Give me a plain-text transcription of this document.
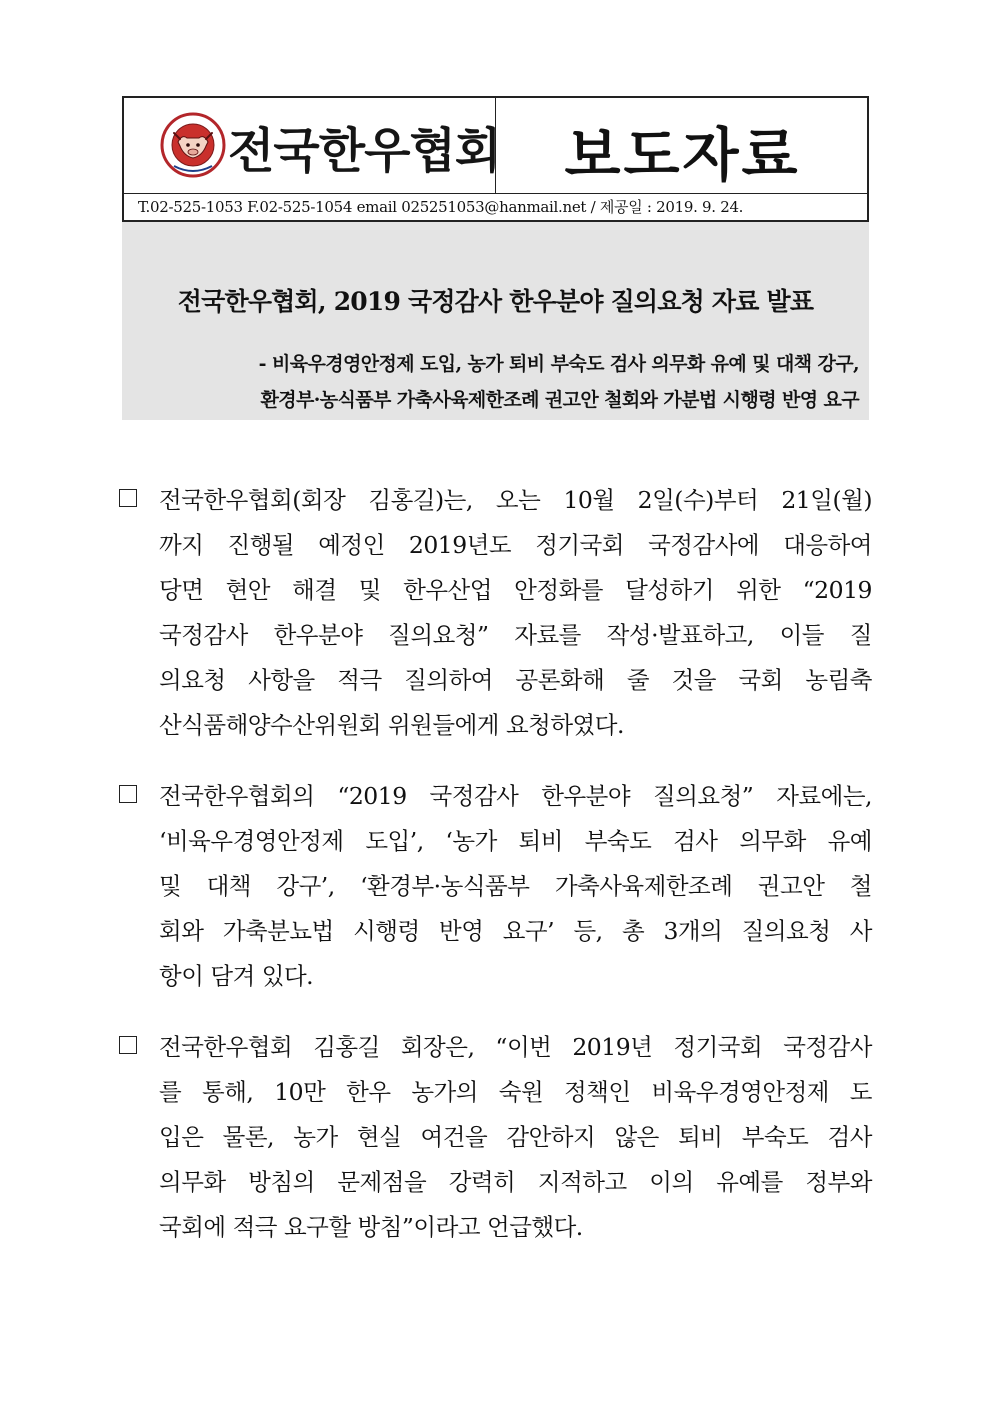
전국한우협회	보도자료
T.02-525-1053 F.02-525-1054 email 025251053@hanmail.net / 제공일 : 2019. 9. 24.
전국한우협회, 2019 국정감사 한우분야 질의요청 자료 발표
- 비육우경영안정제 도입, 농가 퇴비 부숙도 검사 의무화 유예 및 대책 강구,
환경부·농식품부 가축사육제한조례 권고안 철회와 가분법 시행령 반영 요구
전국한우협회(회장 김홍길)는, 오는 10월 2일(수)부터 21일(월)
까지 진행될 예정인 2019년도 정기국회 국정감사에 대응하여
당면 현안 해결 및 한우산업 안정화를 달성하기 위한 “2019
국정감사 한우분야 질의요청” 자료를 작성·발표하고, 이들 질
의요청 사항을 적극 질의하여 공론화해 줄 것을 국회 농림축
산식품해양수산위원회 위원들에게 요청하였다.
전국한우협회의 “2019 국정감사 한우분야 질의요청” 자료에는,
‘비육우경영안정제 도입’, ‘농가 퇴비 부숙도 검사 의무화 유예
및 대책 강구’, ‘환경부·농식품부 가축사육제한조례 권고안 철
회와 가축분뇨법 시행령 반영 요구’ 등, 총 3개의 질의요청 사
항이 담겨 있다.
전국한우협회 김홍길 회장은, “이번 2019년 정기국회 국정감사
를 통해, 10만 한우 농가의 숙원 정책인 비육우경영안정제 도
입은 물론, 농가 현실 여건을 감안하지 않은 퇴비 부숙도 검사
의무화 방침의 문제점을 강력히 지적하고 이의 유예를 정부와
국회에 적극 요구할 방침”이라고 언급했다.
